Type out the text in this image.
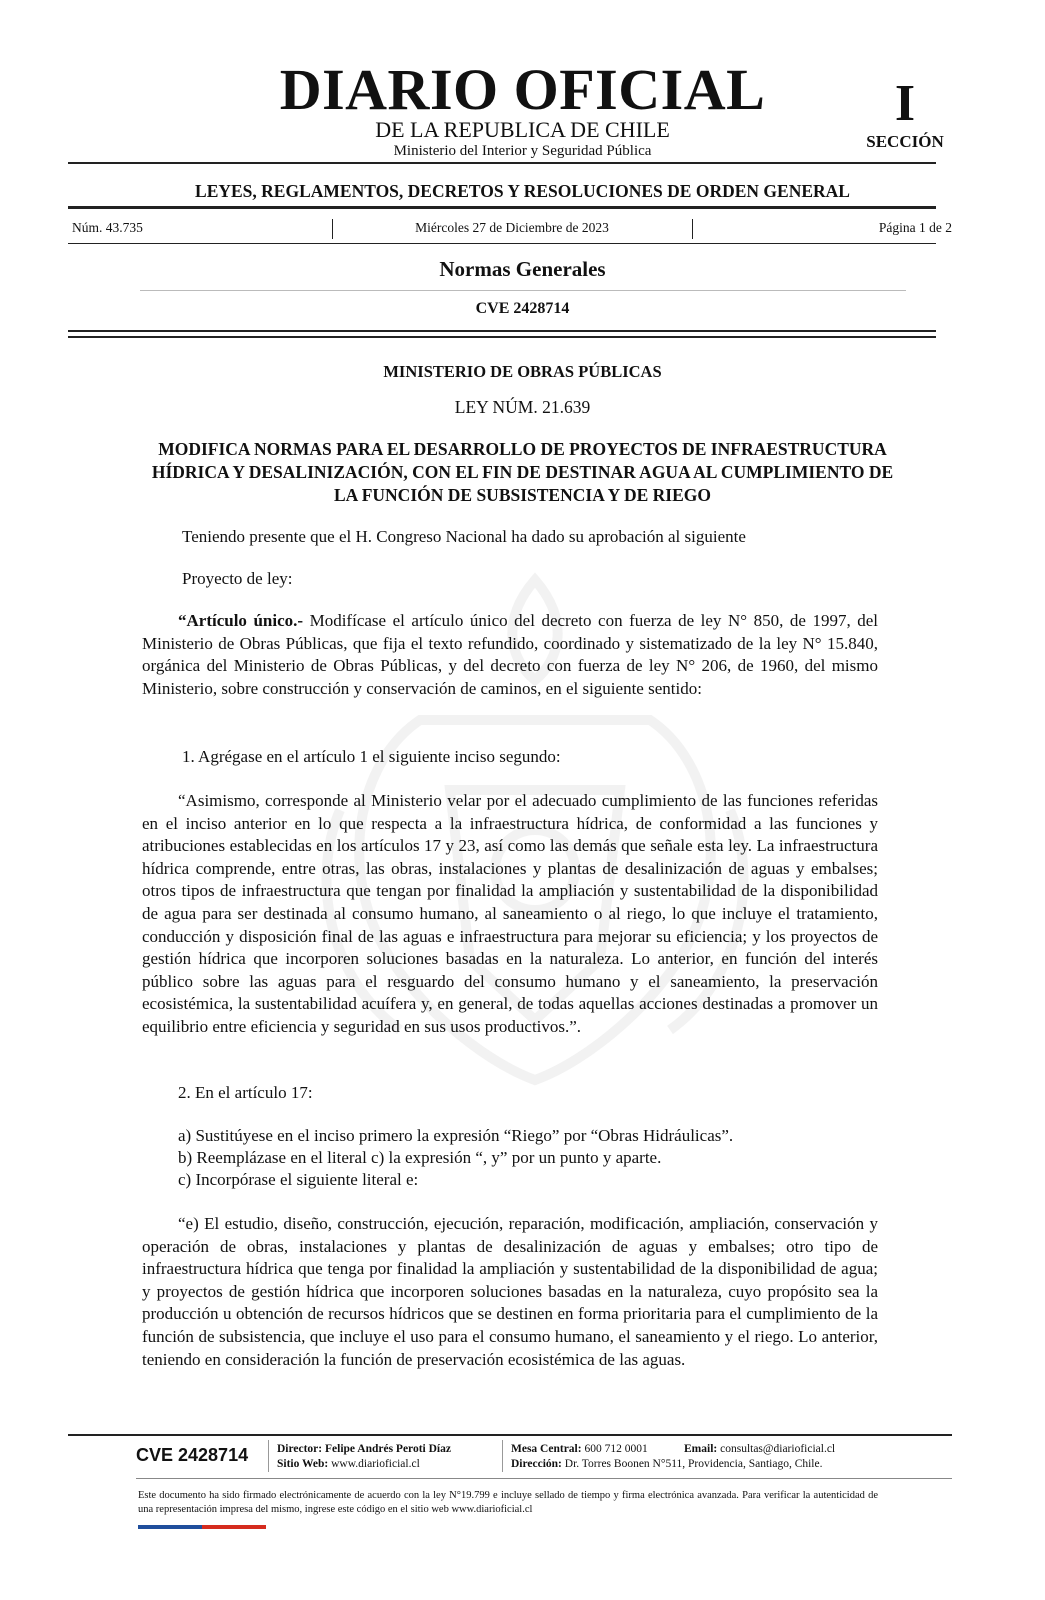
DIARIO OFICIAL
DE LA REPUBLICA DE CHILE
Ministerio del Interior y Seguridad Pública
I
SECCIÓN
LEYES, REGLAMENTOS, DECRETOS Y RESOLUCIONES DE ORDEN GENERAL
Núm. 43.735	Miércoles 27 de Diciembre de 2023	Página 1 de 2
Normas Generales
CVE 2428714
MINISTERIO DE OBRAS PÚBLICAS
LEY NÚM. 21.639
MODIFICA NORMAS PARA EL DESARROLLO DE PROYECTOS DE INFRAESTRUCTURA HÍDRICA Y DESALINIZACIÓN, CON EL FIN DE DESTINAR AGUA AL CUMPLIMIENTO DE LA FUNCIÓN DE SUBSISTENCIA Y DE RIEGO
Teniendo presente que el H. Congreso Nacional ha dado su aprobación al siguiente
Proyecto de ley:
“Artículo único.- Modifícase el artículo único del decreto con fuerza de ley N° 850, de 1997, del Ministerio de Obras Públicas, que fija el texto refundido, coordinado y sistematizado de la ley N° 15.840, orgánica del Ministerio de Obras Públicas, y del decreto con fuerza de ley N° 206, de 1960, del mismo Ministerio, sobre construcción y conservación de caminos, en el siguiente sentido:
1. Agrégase en el artículo 1 el siguiente inciso segundo:
“Asimismo, corresponde al Ministerio velar por el adecuado cumplimiento de las funciones referidas en el inciso anterior en lo que respecta a la infraestructura hídrica, de conformidad a las funciones y atribuciones establecidas en los artículos 17 y 23, así como las demás que señale esta ley. La infraestructura hídrica comprende, entre otras, las obras, instalaciones y plantas de desalinización de aguas y embalses; otros tipos de infraestructura que tengan por finalidad la ampliación y sustentabilidad de la disponibilidad de agua para ser destinada al consumo humano, al saneamiento o al riego, lo que incluye el tratamiento, conducción y disposición final de las aguas e infraestructura para mejorar su eficiencia; y los proyectos de gestión hídrica que incorporen soluciones basadas en la naturaleza. Lo anterior, en función del interés público sobre las aguas para el resguardo del consumo humano y el saneamiento, la preservación ecosistémica, la sustentabilidad acuífera y, en general, de todas aquellas acciones destinadas a promover un equilibrio entre eficiencia y seguridad en sus usos productivos.”.
2. En el artículo 17:
a) Sustitúyese en el inciso primero la expresión “Riego” por “Obras Hidráulicas”.
b) Reemplázase en el literal c) la expresión “, y” por un punto y aparte.
c) Incorpórase el siguiente literal e:
“e) El estudio, diseño, construcción, ejecución, reparación, modificación, ampliación, conservación y operación de obras, instalaciones y plantas de desalinización de aguas y embalses; otro tipo de infraestructura hídrica que tenga por finalidad la ampliación y sustentabilidad de la disponibilidad de agua; y proyectos de gestión hídrica que incorporen soluciones basadas en la naturaleza, cuyo propósito sea la producción u obtención de recursos hídricos que se destinen en forma prioritaria para el cumplimiento de la función de subsistencia, que incluye el uso para el consumo humano, el saneamiento y el riego. Lo anterior, teniendo en consideración la función de preservación ecosistémica de las aguas.
CVE 2428714	Director: Felipe Andrés Peroti Díaz
Sitio Web: www.diarioficial.cl
Mesa Central: 600 712 0001	Email: consultas@diarioficial.cl
Dirección: Dr. Torres Boonen N°511, Providencia, Santiago, Chile.
Este documento ha sido firmado electrónicamente de acuerdo con la ley N°19.799 e incluye sellado de tiempo y firma electrónica avanzada. Para verificar la autenticidad de una representación impresa del mismo, ingrese este código en el sitio web www.diarioficial.cl
